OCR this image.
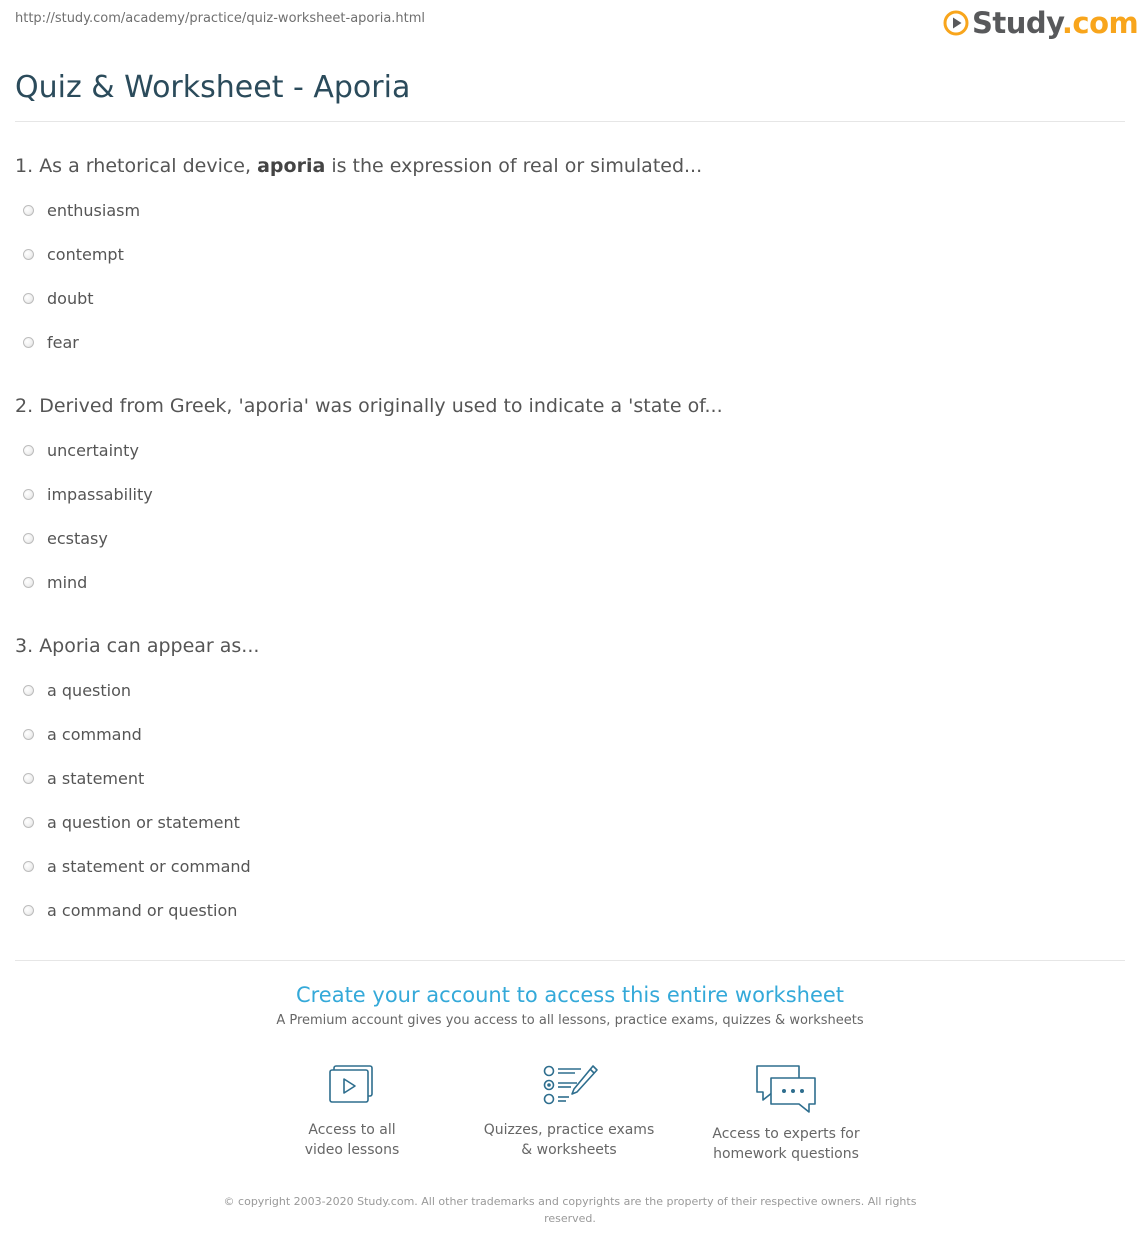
http://study.com/academy/practice/quiz-worksheet-aporia.html	Study.com
Quiz & Worksheet - Aporia
1. As a rhetorical device, aporia is the expression of real or simulated...
enthusiasm
contempt
doubt
fear
2. Derived from Greek, 'aporia' was originally used to indicate a 'state of...
uncertainty
impassability
ecstasy
mind
3. Aporia can appear as...
a question
a command
a statement
a question or statement
a statement or command
a command or question
Create your account to access this entire worksheet
A Premium account gives you access to all lessons, practice exams, quizzes & worksheets
Access to all
video lessons
Quizzes, practice exams
& worksheets
Access to experts for
homework questions
© copyright 2003-2020 Study.com. All other trademarks and copyrights are the property of their respective owners. All rights reserved.
